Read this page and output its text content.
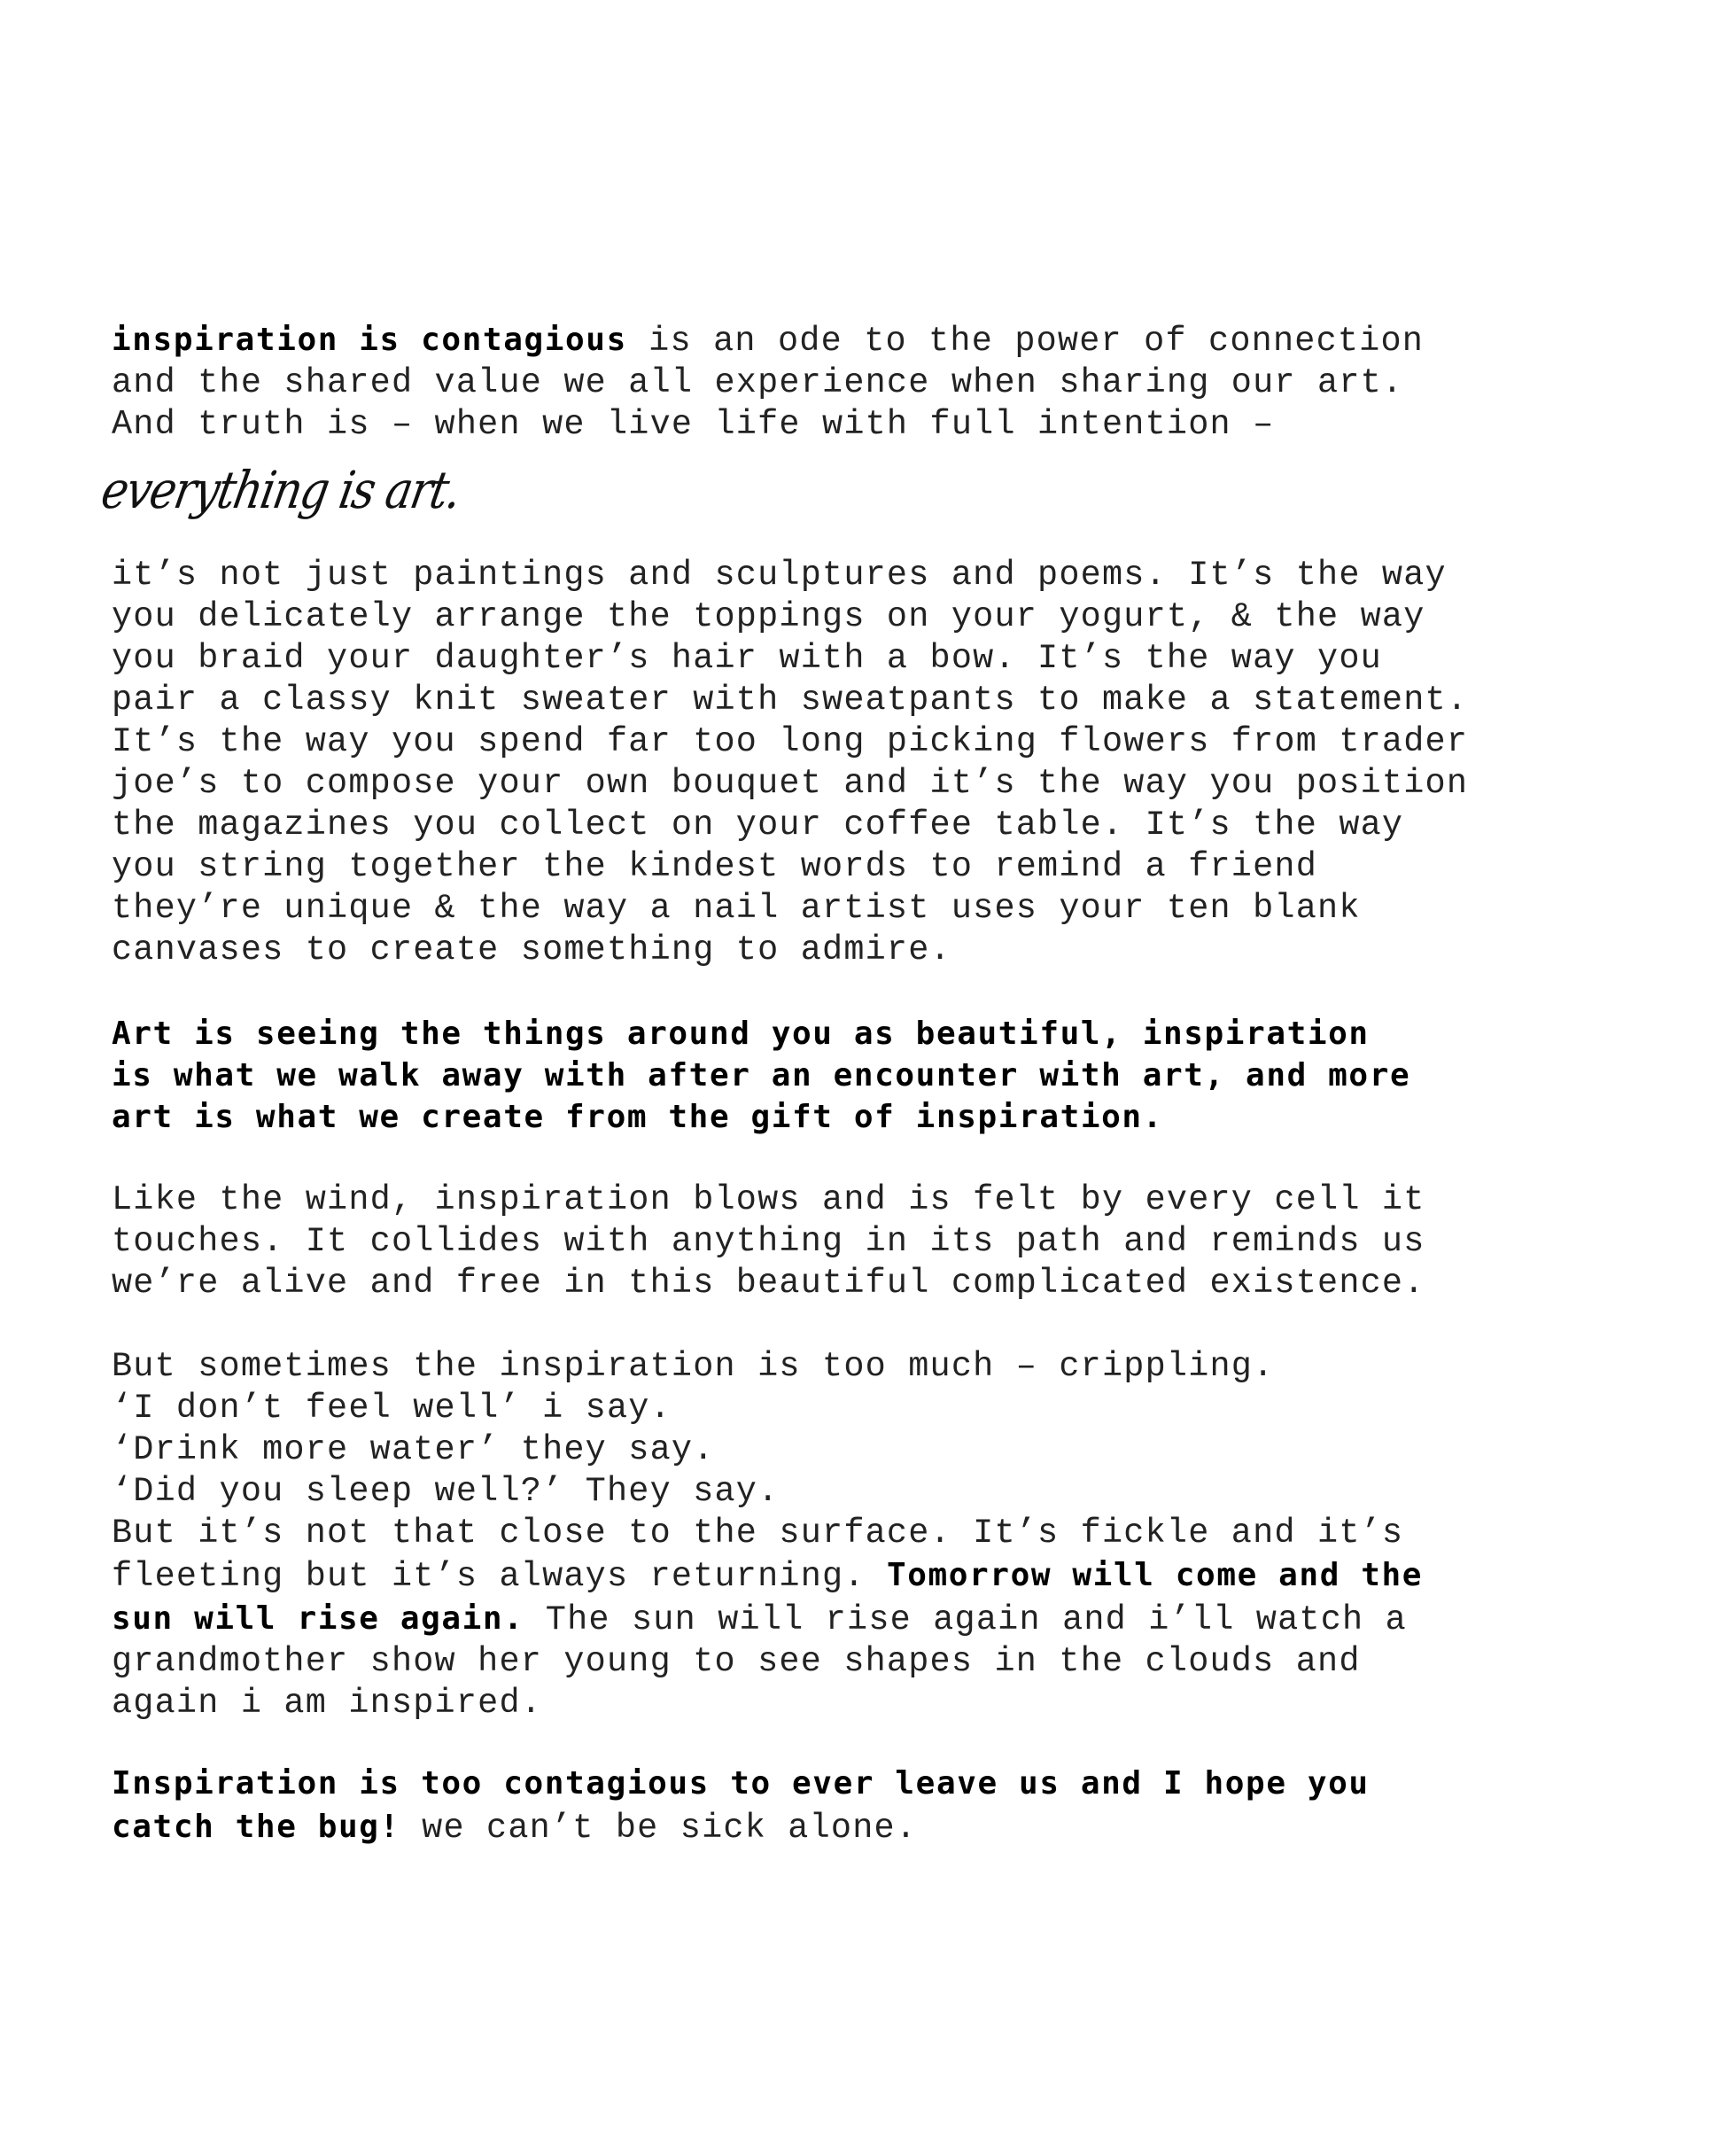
inspiration is contagious is an ode to the power of connection
and the shared value we all experience when sharing our art.
And truth is – when we live life with full intention –
everything is art.
it’s not just paintings and sculptures and poems. It’s the way
you delicately arrange the toppings on your yogurt, & the way
you braid your daughter’s hair with a bow. It’s the way you
pair a classy knit sweater with sweatpants to make a statement.
It’s the way you spend far too long picking flowers from trader
joe’s to compose your own bouquet and it’s the way you position
the magazines you collect on your coffee table. It’s the way
you string together the kindest words to remind a friend
they’re unique & the way a nail artist uses your ten blank
canvases to create something to admire.
Art is seeing the things around you as beautiful, inspiration
is what we walk away with after an encounter with art, and more
art is what we create from the gift of inspiration.
Like the wind, inspiration blows and is felt by every cell it
touches. It collides with anything in its path and reminds us
we’re alive and free in this beautiful complicated existence.
But sometimes the inspiration is too much – crippling.
‘I don’t feel well’ i say.
‘Drink more water’ they say.
‘Did you sleep well?’ They say.
But it’s not that close to the surface. It’s fickle and it’s
fleeting but it’s always returning. Tomorrow will come and the
sun will rise again. The sun will rise again and i’ll watch a
grandmother show her young to see shapes in the clouds and
again i am inspired.
Inspiration is too contagious to ever leave us and I hope you
catch the bug! we can’t be sick alone.
